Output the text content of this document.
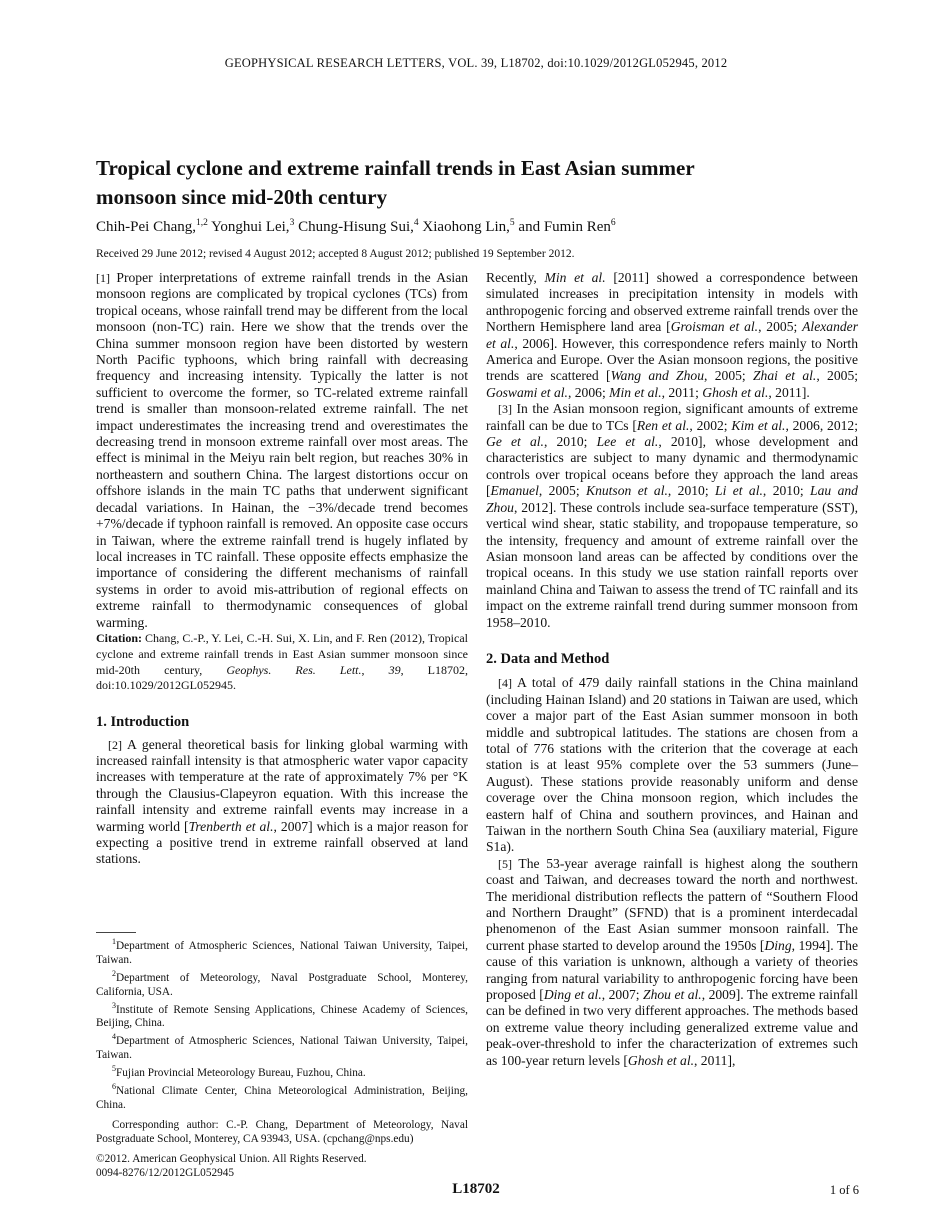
GEOPHYSICAL RESEARCH LETTERS, VOL. 39, L18702, doi:10.1029/2012GL052945, 2012
Tropical cyclone and extreme rainfall trends in East Asian summer
monsoon since mid-20th century
Chih-Pei Chang,$^{1,2}$ Yonghui Lei,$^3$ Chung-Hisung Sui,$^4$ Xiaohong Lin,$^5$ and Fumin Ren$^6$
Received 29 June 2012; revised 4 August 2012; accepted 8 August 2012; published 19 September 2012.

[1] Proper interpretations of extreme rainfall trends in the Asian monsoon regions are complicated by tropical cyclones (TCs) from tropical oceans, whose rainfall trend may be different from the local monsoon (non-TC) rain. Here we show that the trends over the China summer monsoon region have been distorted by western North Pacific typhoons, which bring rainfall with decreasing frequency and increasing intensity. Typically the latter is not sufficient to overcome the former, so TC-related extreme rainfall trend is smaller than monsoon-related extreme rainfall. The net impact underestimates the increasing trend and overestimates the decreasing trend in monsoon extreme rainfall over most areas. The effect is minimal in the Meiyu rain belt region, but reaches 30% in northeastern and southern China. The largest distortions occur on offshore islands in the main TC paths that underwent significant decadal variations. In Hainan, the −3%/decade trend becomes +7%/decade if typhoon rainfall is removed. An opposite case occurs in Taiwan, where the extreme rainfall trend is hugely inflated by local increases in TC rainfall. These opposite effects emphasize the importance of considering the different mechanisms of rainfall systems in order to avoid mis-attribution of regional effects on extreme rainfall to thermodynamic consequences of global warming.

Citation: Chang, C.-P., Y. Lei, C.-H. Sui, X. Lin, and F. Ren (2012), Tropical cyclone and extreme rainfall trends in East Asian summer monsoon since mid-20th century, Geophys. Res. Lett., 39, L18702, doi:10.1029/2012GL052945.

1. Introduction

[2] A general theoretical basis for linking global warming with increased rainfall intensity is that atmospheric water vapor capacity increases with temperature at the rate of approximately 7% per °K through the Clausius-Clapeyron equation. With this increase the rainfall intensity and extreme rainfall events may increase in a warming world [Trenberth et al., 2007] which is a major reason for expecting a positive trend in extreme rainfall observed at land stations.

$^1$Department of Atmospheric Sciences, National Taiwan University, Taipei, Taiwan.

$^2$Department of Meteorology, Naval Postgraduate School, Monterey, California, USA.

$^3$Institute of Remote Sensing Applications, Chinese Academy of Sciences, Beijing, China.

$^4$Department of Atmospheric Sciences, National Taiwan University, Taipei, Taiwan.

$^5$Fujian Provincial Meteorology Bureau, Fuzhou, China.

$^6$National Climate Center, China Meteorological Administration, Beijing, China.

Corresponding author: C.-P. Chang, Department of Meteorology, Naval Postgraduate School, Monterey, CA 93943, USA. (cpchang@nps.edu)

©2012. American Geophysical Union. All Rights Reserved.

0094-8276/12/2012GL052945

Recently, Min et al. [2011] showed a correspondence between simulated increases in precipitation intensity in models with anthropogenic forcing and observed extreme rainfall trends over the Northern Hemisphere land area [Groisman et al., 2005; Alexander et al., 2006]. However, this correspondence refers mainly to North America and Europe. Over the Asian monsoon regions, the positive trends are scattered [Wang and Zhou, 2005; Zhai et al., 2005; Goswami et al., 2006; Min et al., 2011; Ghosh et al., 2011].

[3] In the Asian monsoon region, significant amounts of extreme rainfall can be due to TCs [Ren et al., 2002; Kim et al., 2006, 2012; Ge et al., 2010; Lee et al., 2010], whose development and characteristics are subject to many dynamic and thermodynamic controls over tropical oceans before they approach the land areas [Emanuel, 2005; Knutson et al., 2010; Li et al., 2010; Lau and Zhou, 2012]. These controls include sea-surface temperature (SST), vertical wind shear, static stability, and tropopause temperature, so the intensity, frequency and amount of extreme rainfall over the Asian monsoon land areas can be affected by conditions over the tropical oceans. In this study we use station rainfall reports over mainland China and Taiwan to assess the trend of TC rainfall and its impact on the extreme rainfall trend during summer monsoon from 1958–2010.

2. Data and Method

[4] A total of 479 daily rainfall stations in the China mainland (including Hainan Island) and 20 stations in Taiwan are used, which cover a major part of the East Asian summer monsoon in both middle and subtropical latitudes. The stations are chosen from a total of 776 stations with the criterion that the coverage at each station is at least 95% complete over the 53 summers (June–August). These stations provide reasonably uniform and dense coverage over the China monsoon region, which includes the eastern half of China and southern provinces, and Hainan and Taiwan in the northern South China Sea (auxiliary material, Figure S1a).

[5] The 53-year average rainfall is highest along the southern coast and Taiwan, and decreases toward the north and northwest. The meridional distribution reflects the pattern of “Southern Flood and Northern Draught” (SFND) that is a prominent interdecadal phenomenon of the East Asian summer monsoon rainfall. The current phase started to develop around the 1950s [Ding, 1994]. The cause of this variation is unknown, although a variety of theories ranging from natural variability to anthropogenic forcing have been proposed [Ding et al., 2007; Zhou et al., 2009]. The extreme rainfall can be defined in two very different approaches. The methods based on extreme value theory including generalized extreme value and peak-over-threshold to infer the characterization of extremes such as 100-year return levels [Ghosh et al., 2011],

L18702	1 of 6
